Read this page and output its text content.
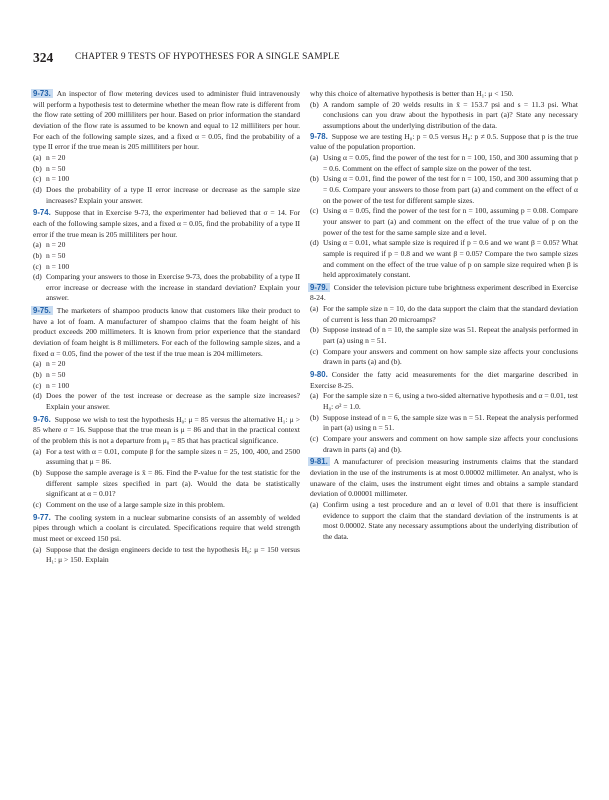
324 CHAPTER 9 TESTS OF HYPOTHESES FOR A SINGLE SAMPLE

9-73. An inspector of flow metering devices used to administer fluid intravenously will perform a hypothesis test to determine whether the mean flow rate is different from the flow rate setting of 200 milliliters per hour. Based on prior information the standard deviation of the flow rate is assumed to be known and equal to 12 milliliters per hour. For each of the following sample sizes, and a fixed α = 0.05, find the probability of a type II error if the true mean is 205 milliliters per hour.

(a) n = 20
(b) n = 50
(c) n = 100
(d) Does the probability of a type II error increase or decrease as the sample size increases? Explain your answer.

9-74. Suppose that in Exercise 9-73, the experimenter had believed that σ = 14. For each of the following sample sizes, and a fixed α = 0.05, find the probability of a type II error if the true mean is 205 milliliters per hour.

(a) n = 20
(b) n = 50
(c) n = 100
(d) Comparing your answers to those in Exercise 9-73, does the probability of a type II error increase or decrease with the increase in standard deviation? Explain your answer.

9-75. The marketers of shampoo products know that customers like their product to have a lot of foam. A manufacturer of shampoo claims that the foam height of his product exceeds 200 millimeters. It is known from prior experience that the standard deviation of foam height is 8 millimeters. For each of the following sample sizes, and a fixed α = 0.05, find the power of the test if the true mean is 204 millimeters.

(a) n = 20
(b) n = 50
(c) n = 100
(d) Does the power of the test increase or decrease as the sample size increases? Explain your answer.

9-76. Suppose we wish to test the hypothesis H₀: μ = 85 versus the alternative H₁: μ > 85 where σ = 16. Suppose that the true mean is μ = 86 and that in the practical context of the problem this is not a departure from μ₀ = 85 that has practical significance.

(a) For a test with α = 0.01, compute β for the sample sizes n = 25, 100, 400, and 2500 assuming that μ = 86.
(b) Suppose the sample average is x̄ = 86. Find the P-value for the test statistic for the different sample sizes specified in part (a). Would the data be statistically significant at α = 0.01?
(c) Comment on the use of a large sample size in this problem.

9-77. The cooling system in a nuclear submarine consists of an assembly of welded pipes through which a coolant is circulated. Specifications require that weld strength must meet or exceed 150 psi.

(a) Suppose that the design engineers decide to test the hypothesis H₀: μ = 150 versus H₁: μ > 150. Explain

why this choice of alternative hypothesis is better than H₁: μ < 150.

(b) A random sample of 20 welds results in x̄ = 153.7 psi and s = 11.3 psi. What conclusions can you draw about the hypothesis in part (a)? State any necessary assumptions about the underlying distribution of the data.

9-78. Suppose we are testing H₀: p = 0.5 versus H₀: p ≠ 0.5. Suppose that p is the true value of the population proportion.

(a) Using α = 0.05, find the power of the test for n = 100, 150, and 300 assuming that p = 0.6. Comment on the effect of sample size on the power of the test.
(b) Using α = 0.01, find the power of the test for n = 100, 150, and 300 assuming that p = 0.6. Compare your answers to those from part (a) and comment on the effect of α on the power of the test for different sample sizes.
(c) Using α = 0.05, find the power of the test for n = 100, assuming p = 0.08. Compare your answer to part (a) and comment on the effect of the true value of p on the power of the test for the same sample size and α level.
(d) Using α = 0.01, what sample size is required if p = 0.6 and we want β = 0.05? What sample is required if p = 0.8 and we want β = 0.05? Compare the two sample sizes and comment on the effect of the true value of p on sample size required when β is held approximately constant.

9-79. Consider the television picture tube brightness experiment described in Exercise 8-24.

(a) For the sample size n = 10, do the data support the claim that the standard deviation of current is less than 20 microamps?
(b) Suppose instead of n = 10, the sample size was 51. Repeat the analysis performed in part (a) using n = 51.
(c) Compare your answers and comment on how sample size affects your conclusions drawn in parts (a) and (b).

9-80. Consider the fatty acid measurements for the diet margarine described in Exercise 8-25.

(a) For the sample size n = 6, using a two-sided alternative hypothesis and α = 0.01, test H₀: σ² = 1.0.
(b) Suppose instead of n = 6, the sample size was n = 51. Repeat the analysis performed in part (a) using n = 51.
(c) Compare your answers and comment on how sample size affects your conclusions drawn in parts (a) and (b).

9-81. A manufacturer of precision measuring instruments claims that the standard deviation in the use of the instruments is at most 0.00002 millimeter. An analyst, who is unaware of the claim, uses the instrument eight times and obtains a sample standard deviation of 0.00001 millimeter.

(a) Confirm using a test procedure and an α level of 0.01 that there is insufficient evidence to support the claim that the standard deviation of the instruments is at most 0.00002. State any necessary assumptions about the underlying distribution of the data.
